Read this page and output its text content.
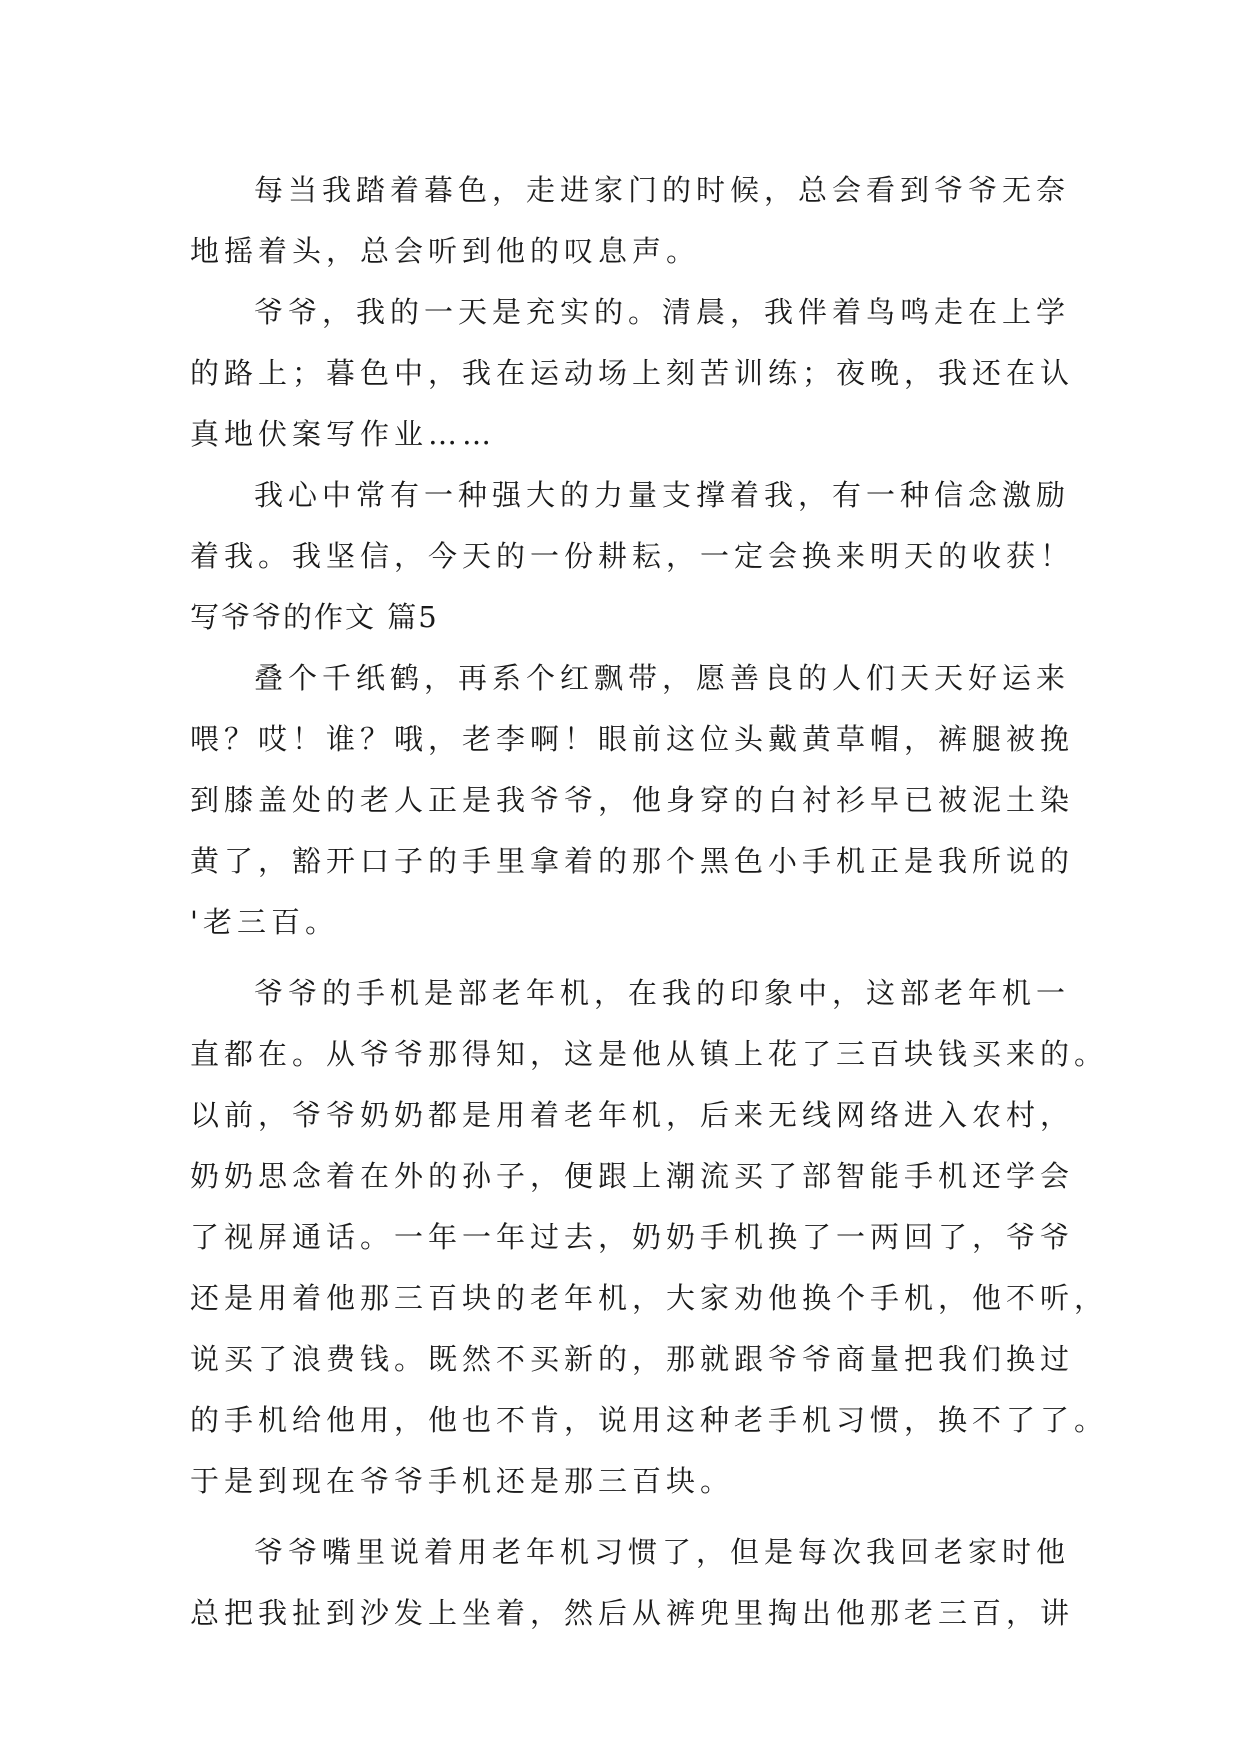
每当我踏着暮色，走进家门的时候，总会看到爷爷无奈
地摇着头，总会听到他的叹息声。
爷爷，我的一天是充实的。清晨，我伴着鸟鸣走在上学
的路上；暮色中，我在运动场上刻苦训练；夜晚，我还在认
真地伏案写作业……
我心中常有一种强大的力量支撑着我，有一种信念激励
着我。我坚信，今天的一份耕耘，一定会换来明天的收获！
写爷爷的作文 篇5
叠个千纸鹤，再系个红飘带，愿善良的人们天天好运来
喂？哎！谁？哦，老李啊！眼前这位头戴黄草帽，裤腿被挽
到膝盖处的老人正是我爷爷，他身穿的白衬衫早已被泥土染
黄了，豁开口子的手里拿着的那个黑色小手机正是我所说的
'老三百。
爷爷的手机是部老年机，在我的印象中，这部老年机一
直都在。从爷爷那得知，这是他从镇上花了三百块钱买来的。
以前，爷爷奶奶都是用着老年机，后来无线网络进入农村，
奶奶思念着在外的孙子，便跟上潮流买了部智能手机还学会
了视屏通话。一年一年过去，奶奶手机换了一两回了，爷爷
还是用着他那三百块的老年机，大家劝他换个手机，他不听，
说买了浪费钱。既然不买新的，那就跟爷爷商量把我们换过
的手机给他用，他也不肯，说用这种老手机习惯，换不了了。
于是到现在爷爷手机还是那三百块。
爷爷嘴里说着用老年机习惯了，但是每次我回老家时他
总把我扯到沙发上坐着，然后从裤兜里掏出他那老三百，讲
